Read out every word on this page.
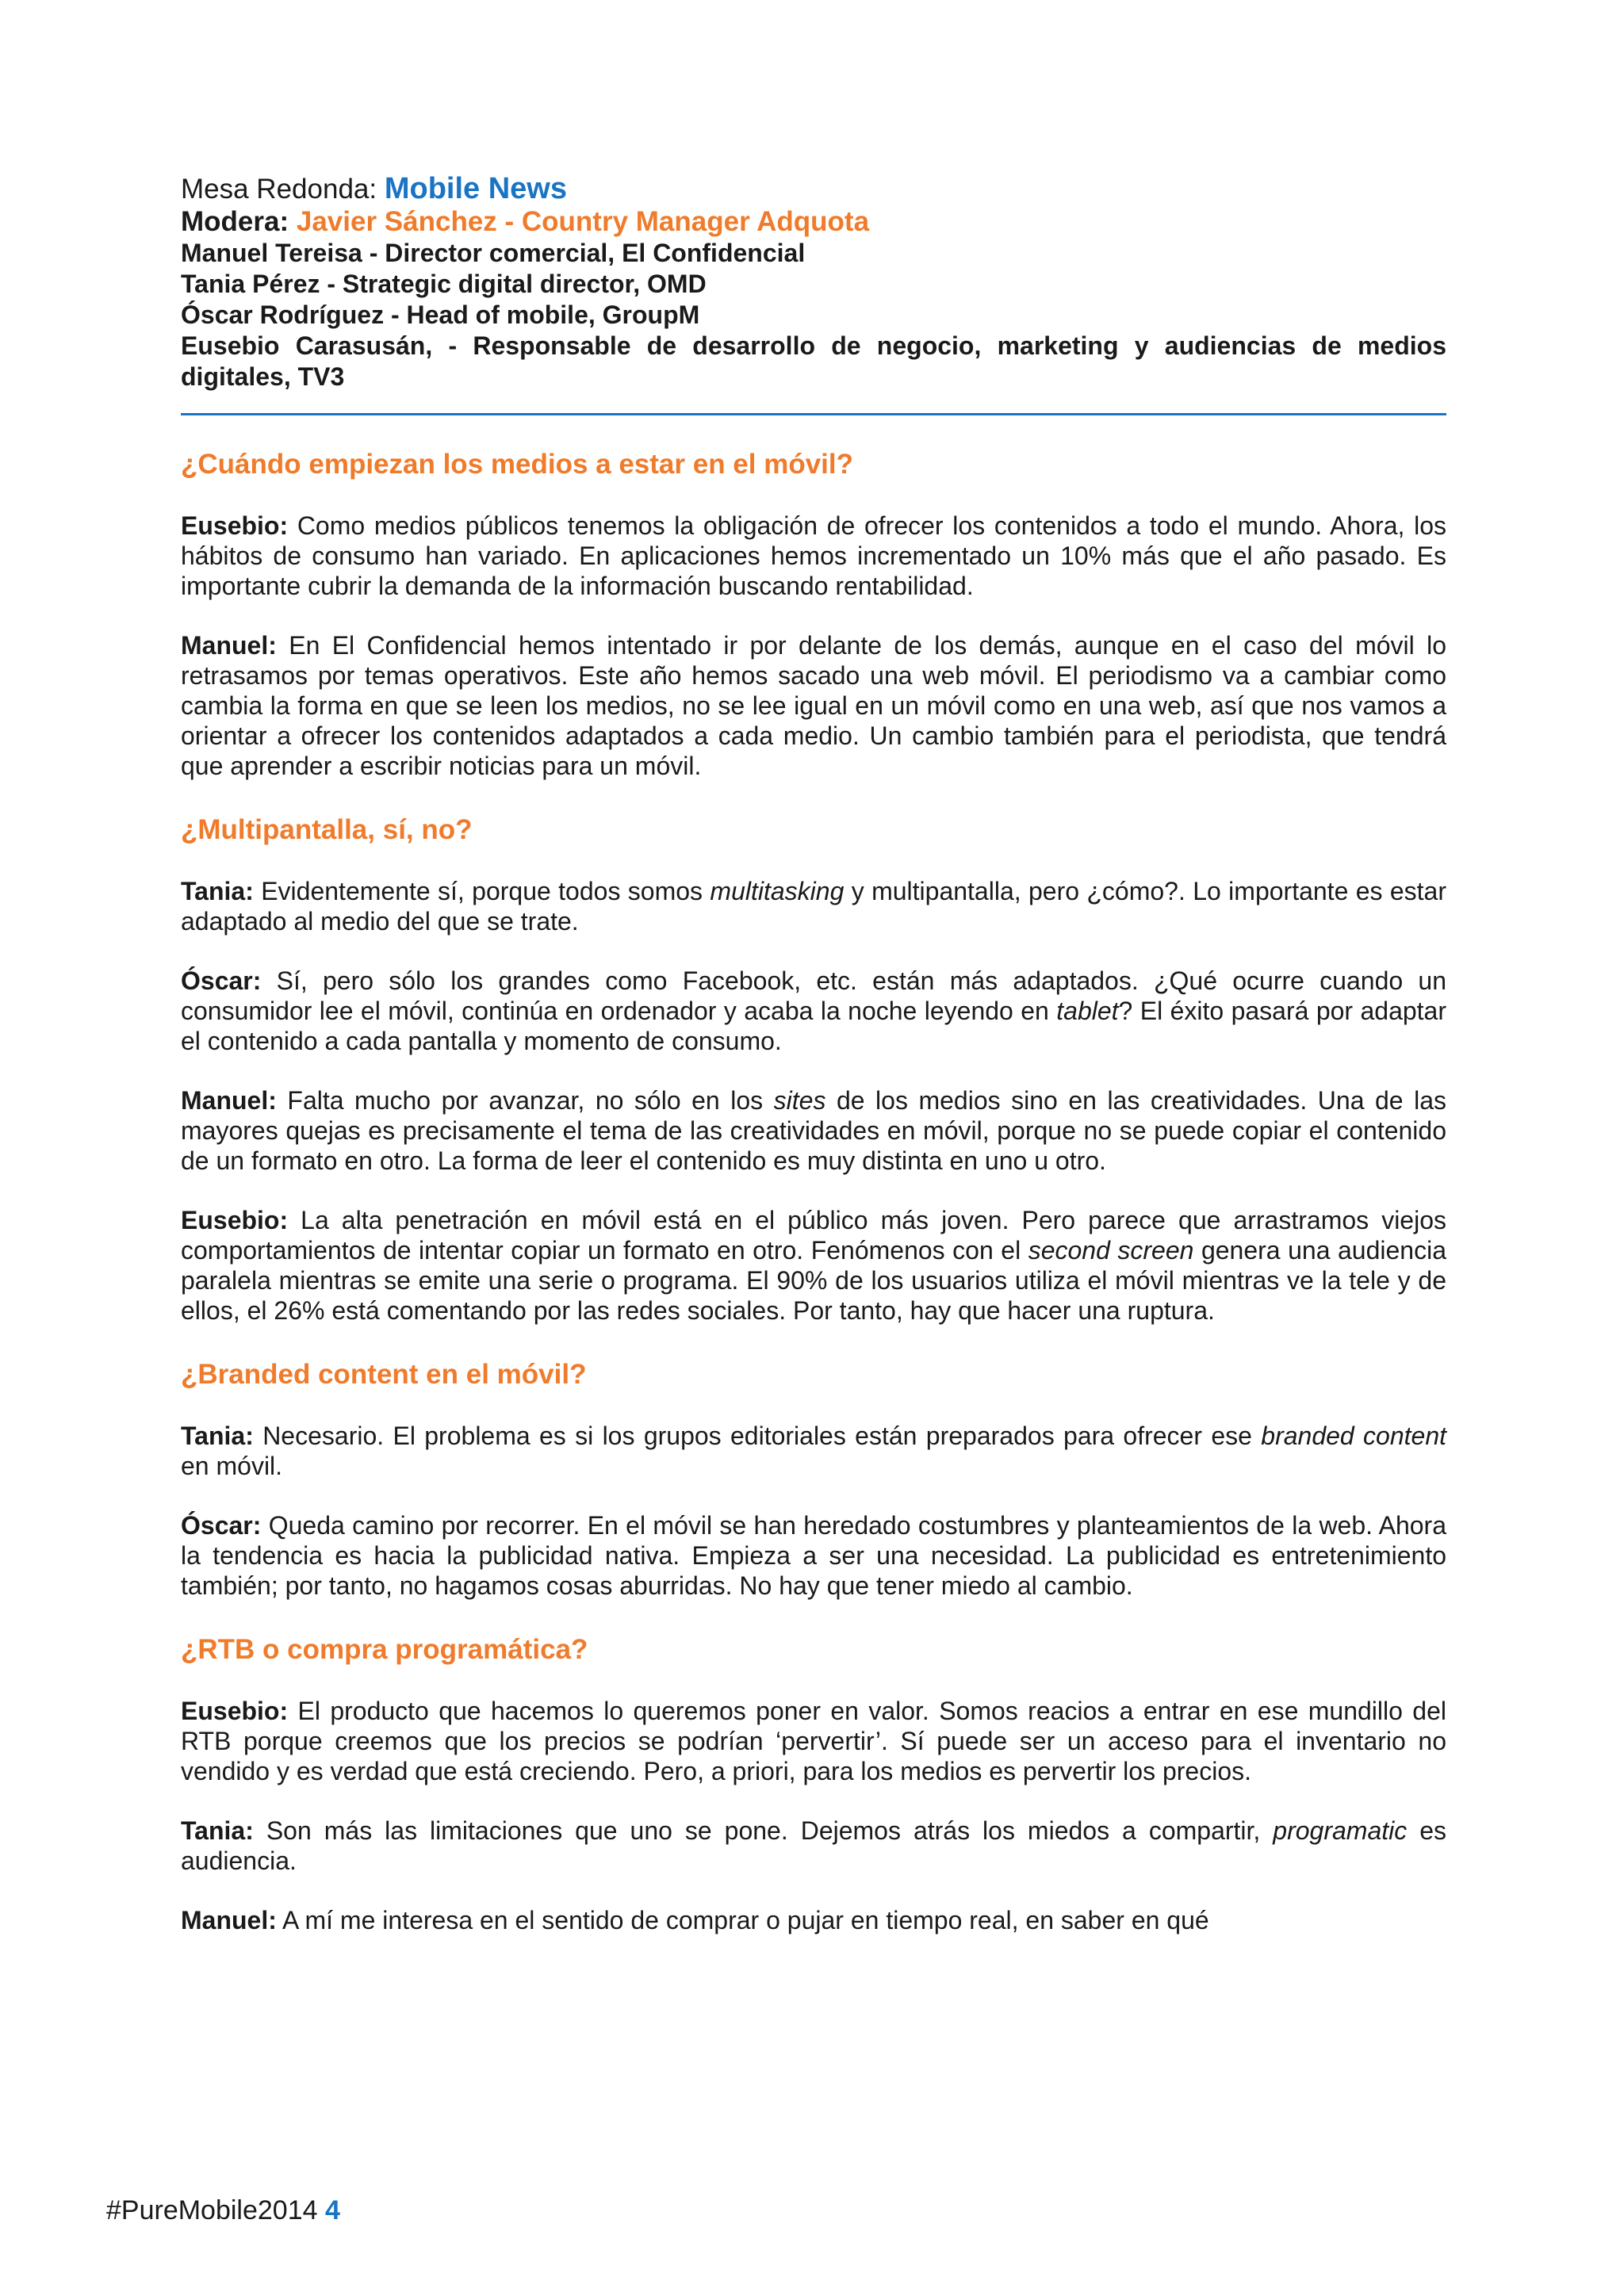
Mesa Redonda: Mobile News

Modera: Javier Sánchez - Country Manager Adquota

Manuel Tereisa - Director comercial, El Confidencial

Tania Pérez - Strategic digital director, OMD

Óscar Rodríguez - Head of mobile, GroupM

Eusebio Carasusán, - Responsable de desarrollo de negocio, marketing y audiencias de medios digitales, TV3

¿Cuándo empiezan los medios a estar en el móvil?

Eusebio: Como medios públicos tenemos la obligación de ofrecer los contenidos a todo el mundo. Ahora, los hábitos de consumo han variado. En aplicaciones hemos incrementado un 10% más que el año pasado. Es importante cubrir la demanda de la información buscando rentabilidad.

Manuel: En El Confidencial hemos intentado ir por delante de los demás, aunque en el caso del móvil lo retrasamos por temas operativos. Este año hemos sacado una web móvil. El periodismo va a cambiar como cambia la forma en que se leen los medios, no se lee igual en un móvil como en una web, así que nos vamos a orientar a ofrecer los contenidos adaptados a cada medio. Un cambio también para el periodista, que tendrá que aprender a escribir noticias para un móvil.

¿Multipantalla, sí, no?

Tania: Evidentemente sí, porque todos somos multitasking y multipantalla, pero ¿cómo?. Lo importante es estar adaptado al medio del que se trate.

Óscar: Sí, pero sólo los grandes como Facebook, etc. están más adaptados. ¿Qué ocurre cuando un consumidor lee el móvil, continúa en ordenador y acaba la noche leyendo en tablet? El éxito pasará por adaptar el contenido a cada pantalla y momento de consumo.

Manuel: Falta mucho por avanzar, no sólo en los sites de los medios sino en las creatividades. Una de las mayores quejas es precisamente el tema de las creatividades en móvil, porque no se puede copiar el contenido de un formato en otro. La forma de leer el contenido es muy distinta en uno u otro.

Eusebio: La alta penetración en móvil está en el público más joven. Pero parece que arrastramos viejos comportamientos de intentar copiar un formato en otro. Fenómenos con el second screen genera una audiencia paralela mientras se emite una serie o programa. El 90% de los usuarios utiliza el móvil mientras ve la tele y de ellos, el 26% está comentando por las redes sociales. Por tanto, hay que hacer una ruptura.

¿Branded content en el móvil?

Tania: Necesario. El problema es si los grupos editoriales están preparados para ofrecer ese branded content en móvil.

Óscar: Queda camino por recorrer. En el móvil se han heredado costumbres y planteamientos de la web. Ahora la tendencia es hacia la publicidad nativa. Empieza a ser una necesidad. La publicidad es entretenimiento también; por tanto, no hagamos cosas aburridas. No hay que tener miedo al cambio.

¿RTB o compra programática?

Eusebio: El producto que hacemos lo queremos poner en valor. Somos reacios a entrar en ese mundillo del RTB porque creemos que los precios se podrían ‘pervertir’. Sí puede ser un acceso para el inventario no vendido y es verdad que está creciendo. Pero, a priori, para los medios es pervertir los precios.

Tania: Son más las limitaciones que uno se pone. Dejemos atrás los miedos a compartir, programatic es audiencia.

Manuel: A mí me interesa en el sentido de comprar o pujar en tiempo real, en saber en qué

#PureMobile2014 4
